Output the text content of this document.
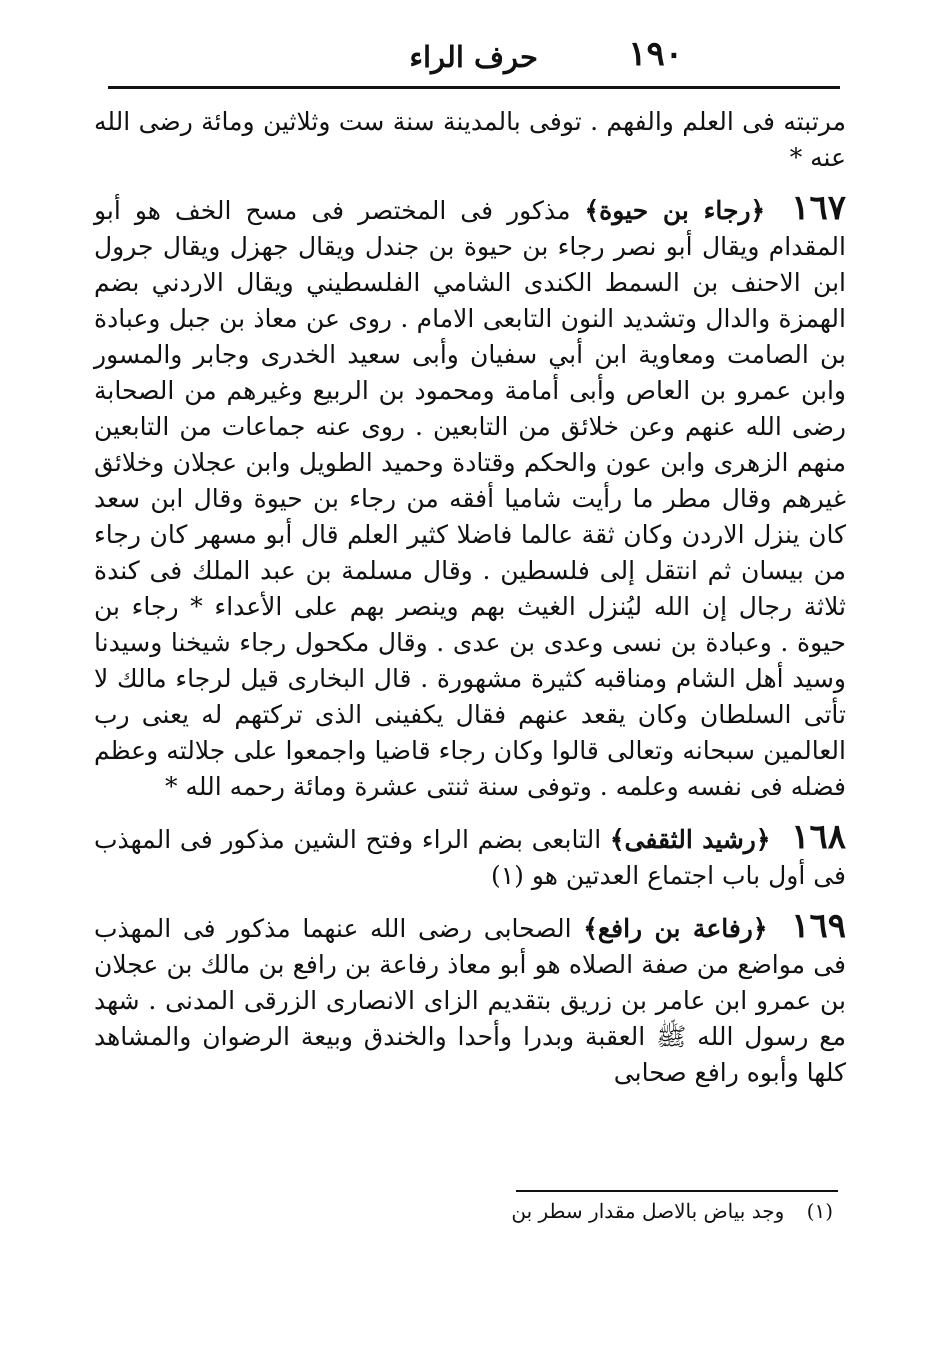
١٩٠
حرف الراء

مرتبته فى العلم والفهم . توفى بالمدينة سنة ست وثلاثين ومائة رضى الله عنه *

١٦٧ ﴿رجاء بن حيوة﴾ مذكور فى المختصر فى مسح الخف هو أبو المقدام ويقال أبو نصر رجاء بن حيوة بن جندل ويقال جهزل ويقال جرول ابن الاحنف بن السمط الكندى الشامي الفلسطيني ويقال الاردني بضم الهمزة والدال وتشديد النون التابعى الامام . روى عن معاذ بن جبل وعبادة بن الصامت ومعاوية ابن أبي سفيان وأبى سعيد الخدرى وجابر والمسور وابن عمرو بن العاص وأبى أمامة ومحمود بن الربيع وغيرهم من الصحابة رضى الله عنهم وعن خلائق من التابعين . روى عنه جماعات من التابعين منهم الزهرى وابن عون والحكم وقتادة وحميد الطويل وابن عجلان وخلائق غيرهم وقال مطر ما رأيت شاميا أفقه من رجاء بن حيوة وقال ابن سعد كان ينزل الاردن وكان ثقة عالما فاضلا كثير العلم قال أبو مسهر كان رجاء من بيسان ثم انتقل إلى فلسطين . وقال مسلمة بن عبد الملك فى كندة ثلاثة رجال إن الله ليُنزل الغيث بهم وينصر بهم على الأعداء * رجاء بن حيوة . وعبادة بن نسى وعدى بن عدى . وقال مكحول رجاء شيخنا وسيدنا وسيد أهل الشام ومناقبه كثيرة مشهورة . قال البخارى قيل لرجاء مالك لا تأتى السلطان وكان يقعد عنهم فقال يكفينى الذى تركتهم له يعنى رب العالمين سبحانه وتعالى قالوا وكان رجاء قاضيا واجمعوا على جلالته وعظم فضله فى نفسه وعلمه . وتوفى سنة ثنتى عشرة ومائة رحمه الله *

١٦٨ ﴿رشيد الثقفى﴾ التابعى بضم الراء وفتح الشين مذكور فى المهذب فى أول باب اجتماع العدتين هو (١)

١٦٩ ﴿رفاعة بن رافع﴾ الصحابى رضى الله عنهما مذكور فى المهذب فى مواضع من صفة الصلاه هو أبو معاذ رفاعة بن رافع بن مالك بن عجلان بن عمرو ابن عامر بن زريق بتقديم الزاى الانصارى الزرقى المدنى . شهد مع رسول الله ﷺ العقبة وبدرا وأحدا والخندق وبيعة الرضوان والمشاهد كلها وأبوه رافع صحابى

(١) وجد بياض بالاصل مقدار سطر بن
